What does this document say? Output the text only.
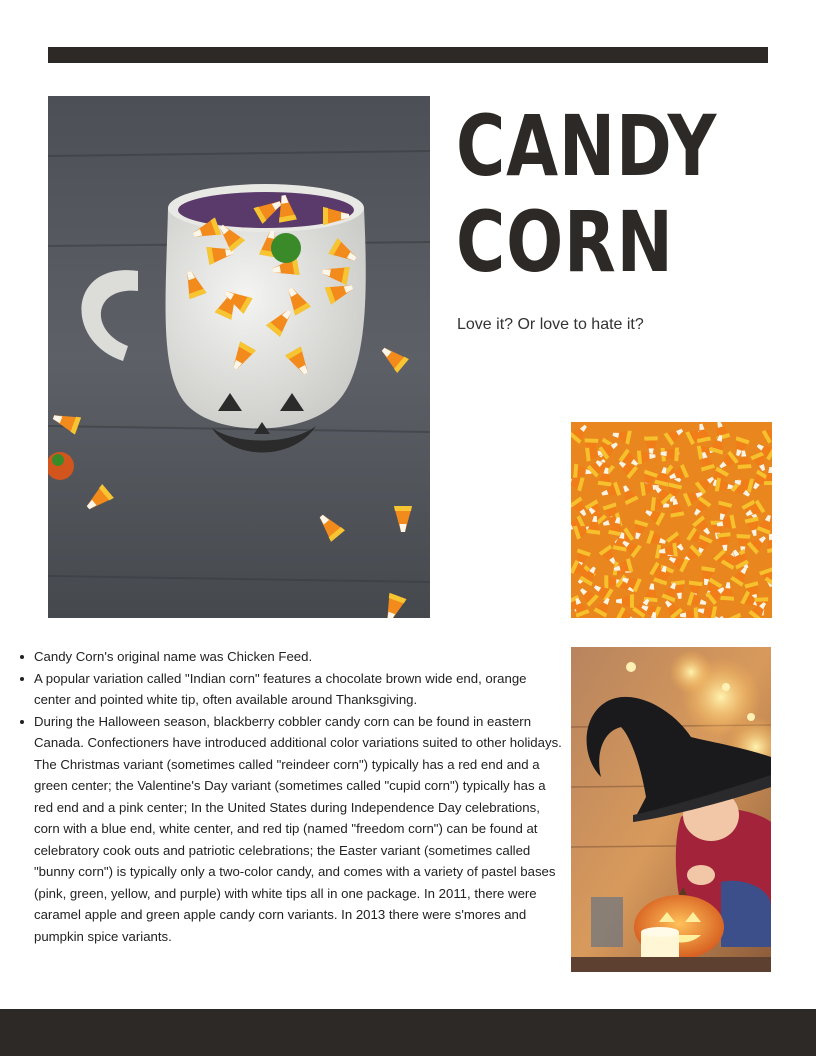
CANDY
CORN

Love it? Or love to hate it?

Candy Corn's original name was Chicken Feed.
A popular variation called "Indian corn" features a chocolate brown wide end, orange center and pointed white tip, often available around Thanksgiving.
During the Halloween season, blackberry cobbler candy corn can be found in eastern Canada. Confectioners have introduced additional color variations suited to other holidays. The Christmas variant (sometimes called "reindeer corn") typically has a red end and a green center; the Valentine's Day variant (sometimes called "cupid corn") typically has a red end and a pink center; In the United States during Independence Day celebrations, corn with a blue end, white center, and red tip (named "freedom corn") can be found at celebratory cook outs and patriotic celebrations; the Easter variant (sometimes called "bunny corn") is typically only a two-color candy, and comes with a variety of pastel bases (pink, green, yellow, and purple) with white tips all in one package. In 2011, there were caramel apple and green apple candy corn variants. In 2013 there were s'mores and pumpkin spice variants.
